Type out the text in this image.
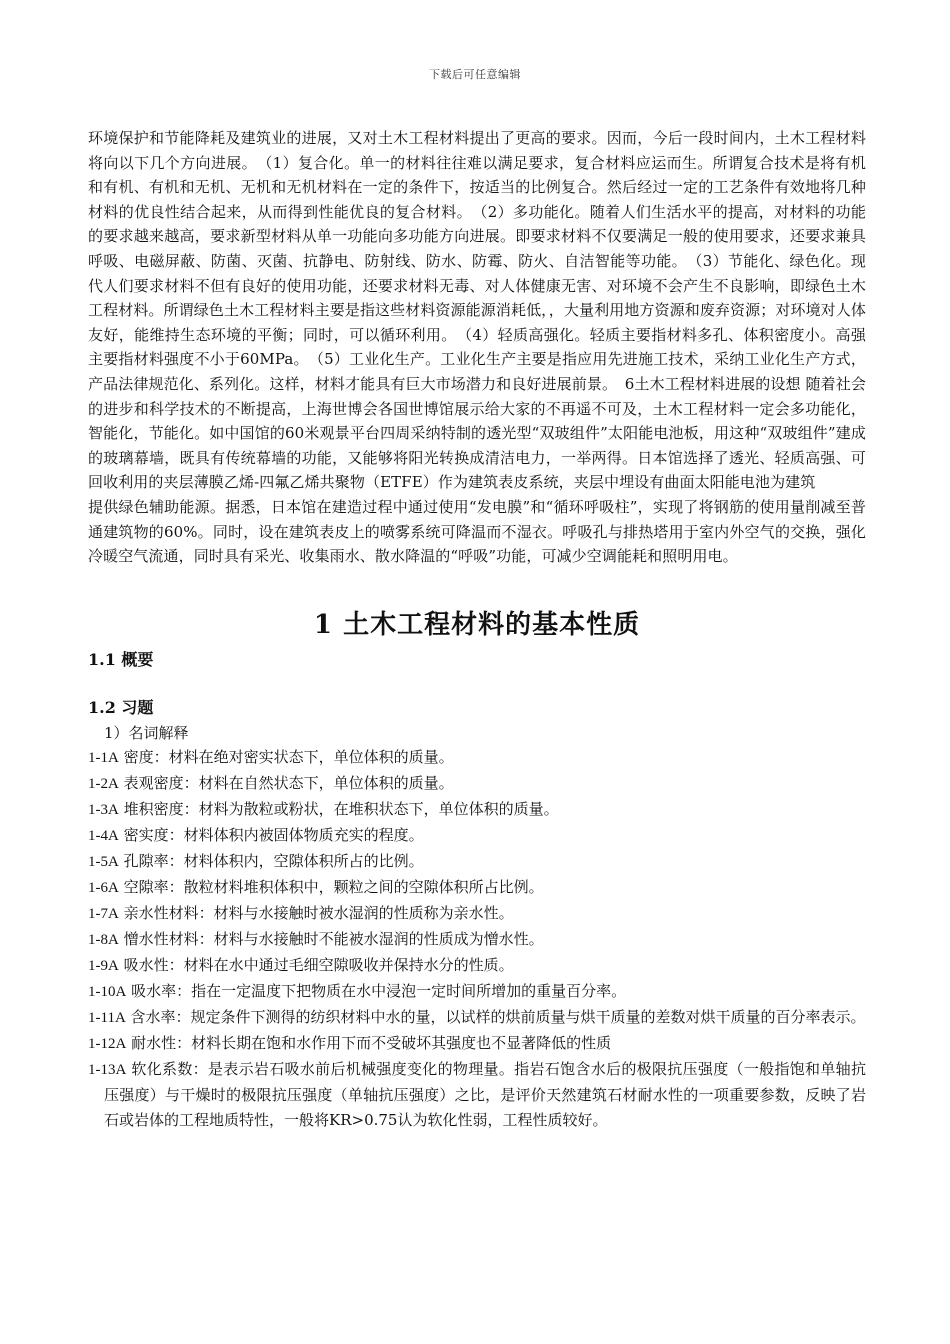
下载后可任意编辑

环境保护和节能降耗及建筑业的进展，又对土木工程材料提出了更高的要求。因而，今后一段时间内，土木工程材料将向以下几个方向进展。　（1）复合化。单一的材料往往难以满足要求，复合材料应运而生。所谓复合技术是将有机和有机、有机和无机、无机和无机材料在一定的条件下，按适当的比例复合。然后经过一定的工艺条件有效地将几种材料的优良性结合起来，从而得到性能优良的复合材料。　（2）多功能化。随着人们生活水平的提高，对材料的功能的要求越来越高，要求新型材料从单一功能向多功能方向进展。即要求材料不仅要满足一般的使用要求，还要求兼具呼吸、电磁屏蔽、防菌、灭菌、抗静电、防射线、防水、防霉、防火、自洁智能等功能。　（3）节能化、绿色化。现代人们要求材料不但有良好的使用功能，还要求材料无毒、对人体健康无害、对环境不会产生不良影响，即绿色土木工程材料。所谓绿色土木工程材料主要是指这些材料资源能源消耗低，，大量利用地方资源和废弃资源；对环境对人体友好，能维持生态环境的平衡；同时，可以循环利用。　（4）轻质高强化。轻质主要指材料多孔、体积密度小。高强主要指材料强度不小于60MPa。　（5）工业化生产。工业化生产主要是指应用先进施工技术，采纳工业化生产方式，产品法律规范化、系列化。这样，材料才能具有巨大市场潜力和良好进展前景。　6土木工程材料进展的设想 随着社会的进步和科学技术的不断提高，上海世博会各国世博馆展示给大家的不再遥不可及，土木工程材料一定会多功能化，智能化，节能化。如中国馆的60米观景平台四周采纳特制的透光型“双玻组件”太阳能电池板，用这种“双玻组件”建成的玻璃幕墙，既具有传统幕墙的功能，又能够将阳光转换成清洁电力，一举两得。日本馆选择了透光、轻质高强、可回收利用的夹层薄膜乙烯-四氟乙烯共聚物（ETFE）作为建筑表皮系统，夹层中埋设有曲面太阳能电池为建筑

提供绿色辅助能源。据悉，日本馆在建造过程中通过使用“发电膜”和“循环呼吸柱”，实现了将钢筋的使用量削减至普通建筑物的60%。同时，设在建筑表皮上的喷雾系统可降温而不湿衣。呼吸孔与排热塔用于室内外空气的交换，强化冷暖空气流通，同时具有采光、收集雨水、散水降温的“呼吸”功能，可减少空调能耗和照明用电。

1 土木工程材料的基本性质
1.1 概要
1.2 习题

1）名词解释

1-1A 密度：材料在绝对密实状态下，单位体积的质量。
1-2A 表观密度：材料在自然状态下，单位体积的质量。
1-3A 堆积密度：材料为散粒或粉状，在堆积状态下，单位体积的质量。
1-4A 密实度：材料体积内被固体物质充实的程度。
1-5A 孔隙率：材料体积内，空隙体积所占的比例。
1-6A 空隙率：散粒材料堆积体积中，颗粒之间的空隙体积所占比例。
1-7A 亲水性材料：材料与水接触时被水湿润的性质称为亲水性。
1-8A 憎水性材料：材料与水接触时不能被水湿润的性质成为憎水性。
1-9A 吸水性：材料在水中通过毛细空隙吸收并保持水分的性质。
1-10A 吸水率：指在一定温度下把物质在水中浸泡一定时间所增加的重量百分率。
1-11A 含水率：规定条件下测得的纺织材料中水的量，以试样的烘前质量与烘干质量的差数对烘干质量的百分率表示。
1-12A 耐水性：材料长期在饱和水作用下而不受破坏其强度也不显著降低的性质
1-13A 软化系数：是表示岩石吸水前后机械强度变化的物理量。指岩石饱含水后的极限抗压强度（一般指饱和单轴抗压强度）与干燥时的极限抗压强度（单轴抗压强度）之比，是评价天然建筑石材耐水性的一项重要参数，反映了岩石或岩体的工程地质特性，一般将KR>0.75认为软化性弱，工程性质较好。
